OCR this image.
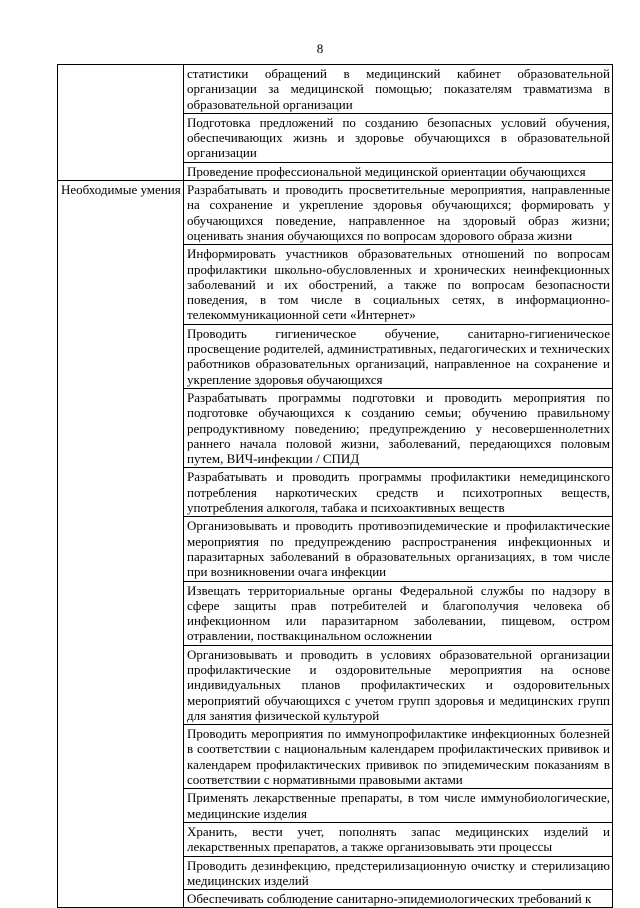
8
	статистики обращений в медицинский кабинет образовательной организации за медицинской помощью; показателям травматизма в образовательной организации
	Подготовка предложений по созданию безопасных условий обучения, обеспечивающих жизнь и здоровье обучающихся в образовательной организации
	Проведение профессиональной медицинской ориентации обучающихся
Необходимые умения	Разрабатывать и проводить просветительные мероприятия, направленные на сохранение и укрепление здоровья обучающихся; формировать у обучающихся поведение, направленное на здоровый образ жизни; оценивать знания обучающихся по вопросам здорового образа жизни
	Информировать участников образовательных отношений по вопросам профилактики школьно-обусловленных и хронических неинфекционных заболеваний и их обострений, а также по вопросам безопасности поведения, в том числе в социальных сетях, в информационно-телекоммуникационной сети «Интернет»
	Проводить гигиеническое обучение, санитарно-гигиеническое просвещение родителей, административных, педагогических и технических работников образовательных организаций, направленное на сохранение и укрепление здоровья обучающихся
	Разрабатывать программы подготовки и проводить мероприятия по подготовке обучающихся к созданию семьи; обучению правильному репродуктивному поведению; предупреждению у несовершеннолетних раннего начала половой жизни, заболеваний, передающихся половым путем, ВИЧ-инфекции / СПИД
	Разрабатывать и проводить программы профилактики немедицинского потребления наркотических средств и психотропных веществ, употребления алкоголя, табака и психоактивных веществ
	Организовывать и проводить противоэпидемические и профилактические мероприятия по предупреждению распространения инфекционных и паразитарных заболеваний в образовательных организациях, в том числе при возникновении очага инфекции
	Извещать территориальные органы Федеральной службы по надзору в сфере защиты прав потребителей и благополучия человека об инфекционном или паразитарном заболевании, пищевом, остром отравлении, поствакцинальном осложнении
	Организовывать и проводить в условиях образовательной организации профилактические и оздоровительные мероприятия на основе индивидуальных планов профилактических и оздоровительных мероприятий обучающихся с учетом групп здоровья и медицинских групп для занятия физической культурой
	Проводить мероприятия по иммунопрофилактике инфекционных болезней в соответствии с национальным календарем профилактических прививок и календарем профилактических прививок по эпидемическим показаниям в соответствии с нормативными правовыми актами
	Применять лекарственные препараты, в том числе иммунобиологические, медицинские изделия
	Хранить, вести учет, пополнять запас медицинских изделий и лекарственных препаратов, а также организовывать эти процессы
	Проводить дезинфекцию, предстерилизационную очистку и стерилизацию медицинских изделий
	Обеспечивать соблюдение санитарно-эпидемиологических требований к
